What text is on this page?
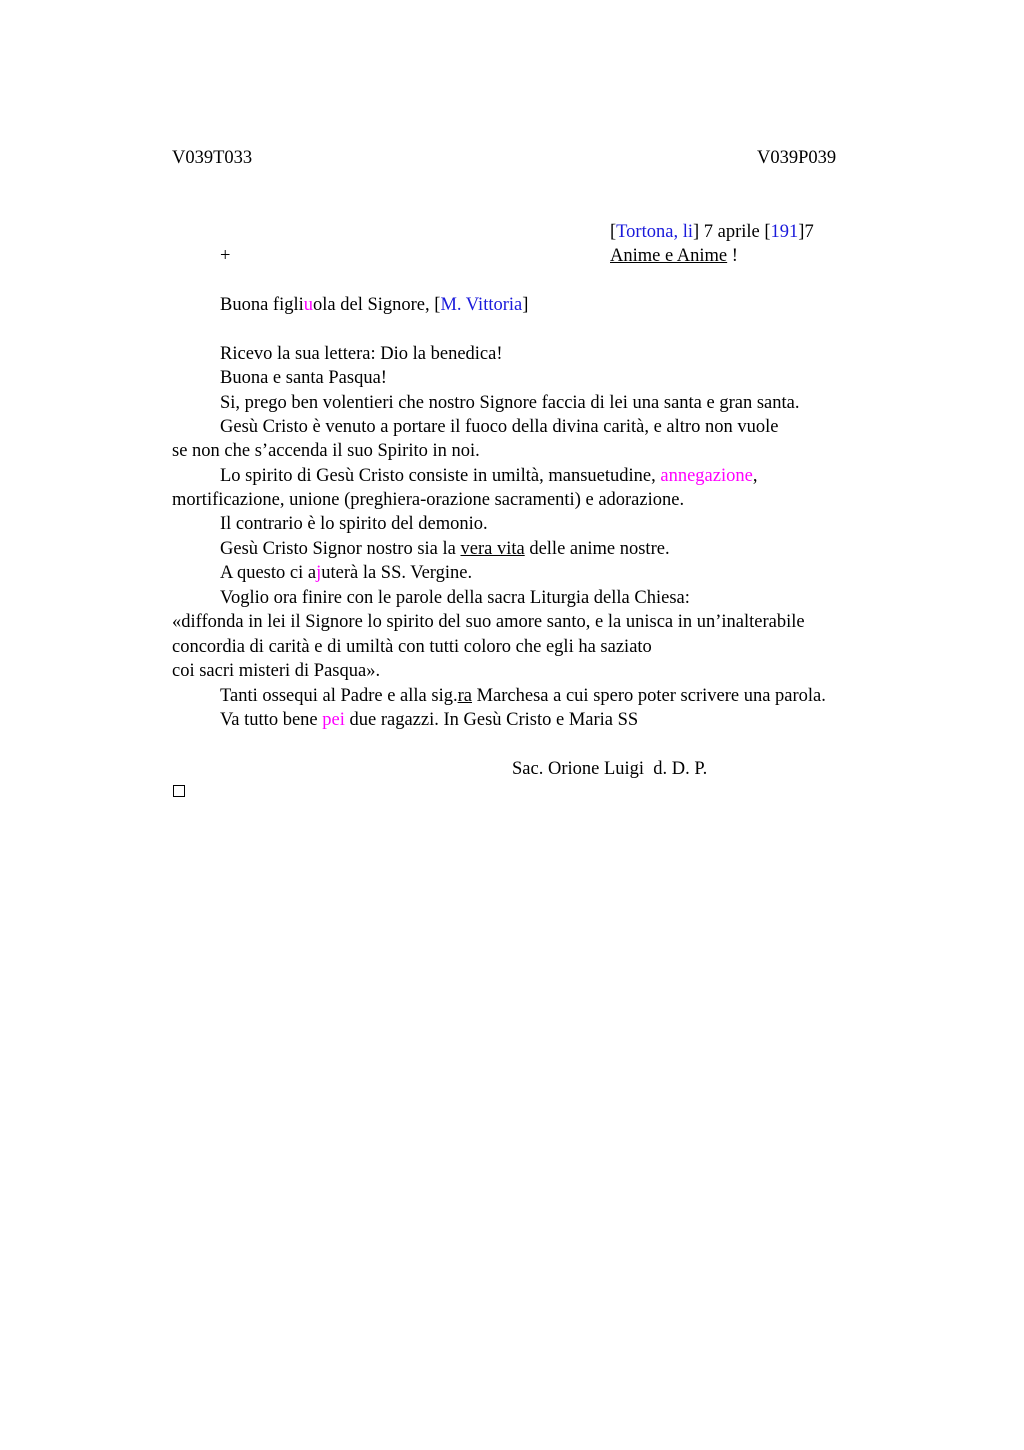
V039T033	V039P039
[Tortona, li] 7 aprile [191]7
+	Anime e Anime !
Buona figliuola del Signore, [M. Vittoria]
Ricevo la sua lettera: Dio la benedica!
Buona e santa Pasqua!
Si, prego ben volentieri che nostro Signore faccia di lei una santa e gran santa.
Gesù Cristo è venuto a portare il fuoco della divina carità, e altro non vuole
se non che s’accenda il suo Spirito in noi.
Lo spirito di Gesù Cristo consiste in umiltà, mansuetudine, annegazione,
mortificazione, unione (preghiera-orazione sacramenti) e adorazione.
Il contrario è lo spirito del demonio.
Gesù Cristo Signor nostro sia la vera vita delle anime nostre.
A questo ci ajuterà la SS. Vergine.
Voglio ora finire con le parole della sacra Liturgia della Chiesa:
«diffonda in lei il Signore lo spirito del suo amore santo, e la unisca in un’inalterabile
concordia di carità e di umiltà con tutti coloro che egli ha saziato
coi sacri misteri di Pasqua».
Tanti ossequi al Padre e alla sig.ra Marchesa a cui spero poter scrivere una parola.
Va tutto bene pei due ragazzi. In Gesù Cristo e Maria SS
Sac. Orione Luigi  d. D. P.
